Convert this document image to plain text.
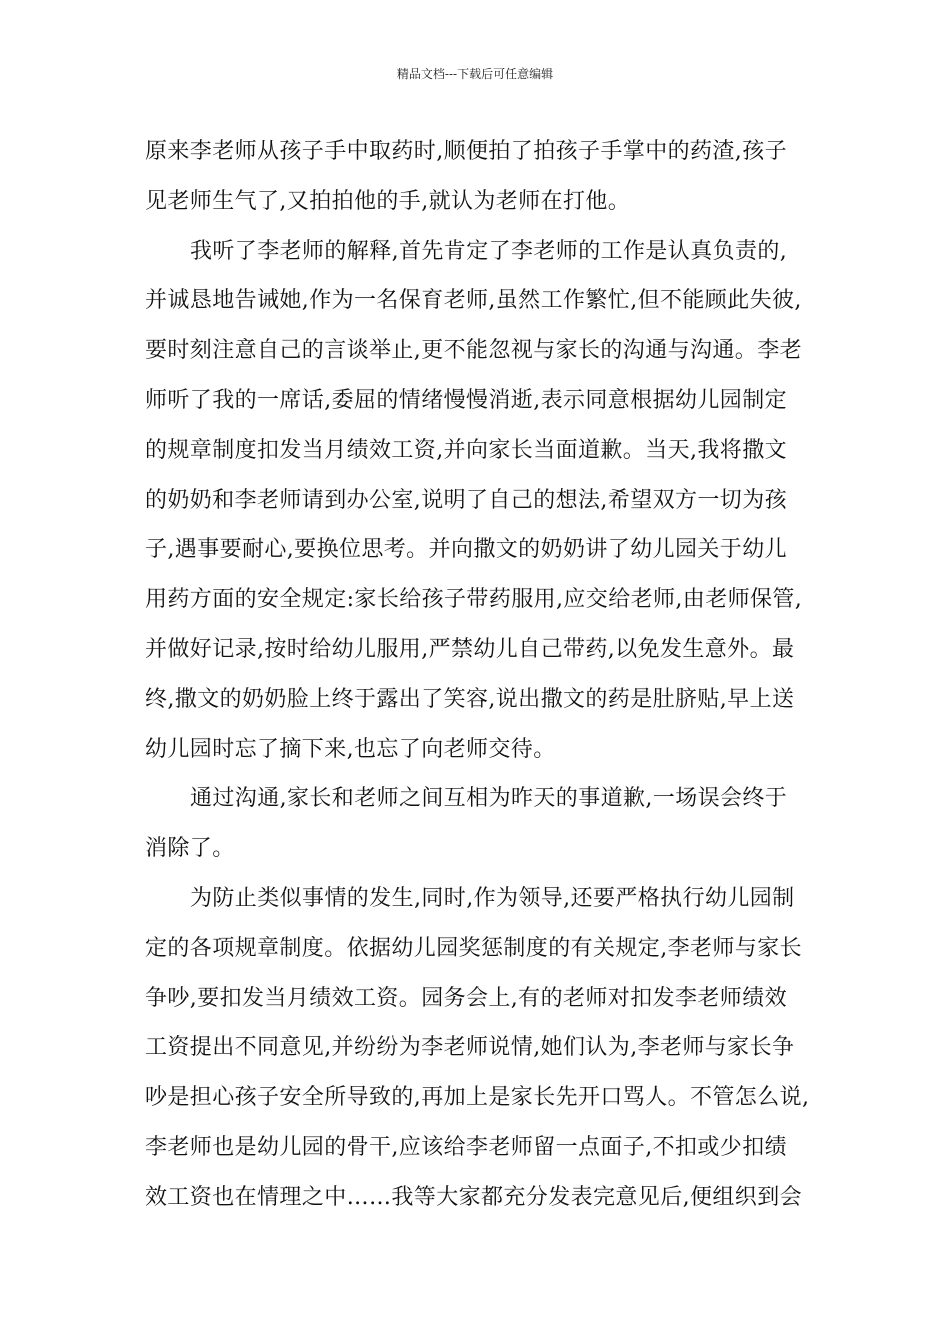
精品文档---下载后可任意编辑
原来李老师从孩子手中取药时,顺便拍了拍孩子手掌中的药渣,孩子
见老师生气了,又拍拍他的手,就认为老师在打他。
我听了李老师的解释,首先肯定了李老师的工作是认真负责的,
并诚恳地告诫她,作为一名保育老师,虽然工作繁忙,但不能顾此失彼,
要时刻注意自己的言谈举止,更不能忽视与家长的沟通与沟通。李老
师听了我的一席话,委屈的情绪慢慢消逝,表示同意根据幼儿园制定
的规章制度扣发当月绩效工资,并向家长当面道歉。当天,我将撒文
的奶奶和李老师请到办公室,说明了自己的想法,希望双方一切为孩
子,遇事要耐心,要换位思考。并向撒文的奶奶讲了幼儿园关于幼儿
用药方面的安全规定:家长给孩子带药服用,应交给老师,由老师保管,
并做好记录,按时给幼儿服用,严禁幼儿自己带药,以免发生意外。最
终,撒文的奶奶脸上终于露出了笑容,说出撒文的药是肚脐贴,早上送
幼儿园时忘了摘下来,也忘了向老师交待。
通过沟通,家长和老师之间互相为昨天的事道歉,一场误会终于
消除了。
为防止类似事情的发生,同时,作为领导,还要严格执行幼儿园制
定的各项规章制度。依据幼儿园奖惩制度的有关规定,李老师与家长
争吵,要扣发当月绩效工资。园务会上,有的老师对扣发李老师绩效
工资提出不同意见,并纷纷为李老师说情,她们认为,李老师与家长争
吵是担心孩子安全所导致的,再加上是家长先开口骂人。不管怎么说,
李老师也是幼儿园的骨干,应该给李老师留一点面子,不扣或少扣绩
效工资也在情理之中……我等大家都充分发表完意见后,便组织到会
